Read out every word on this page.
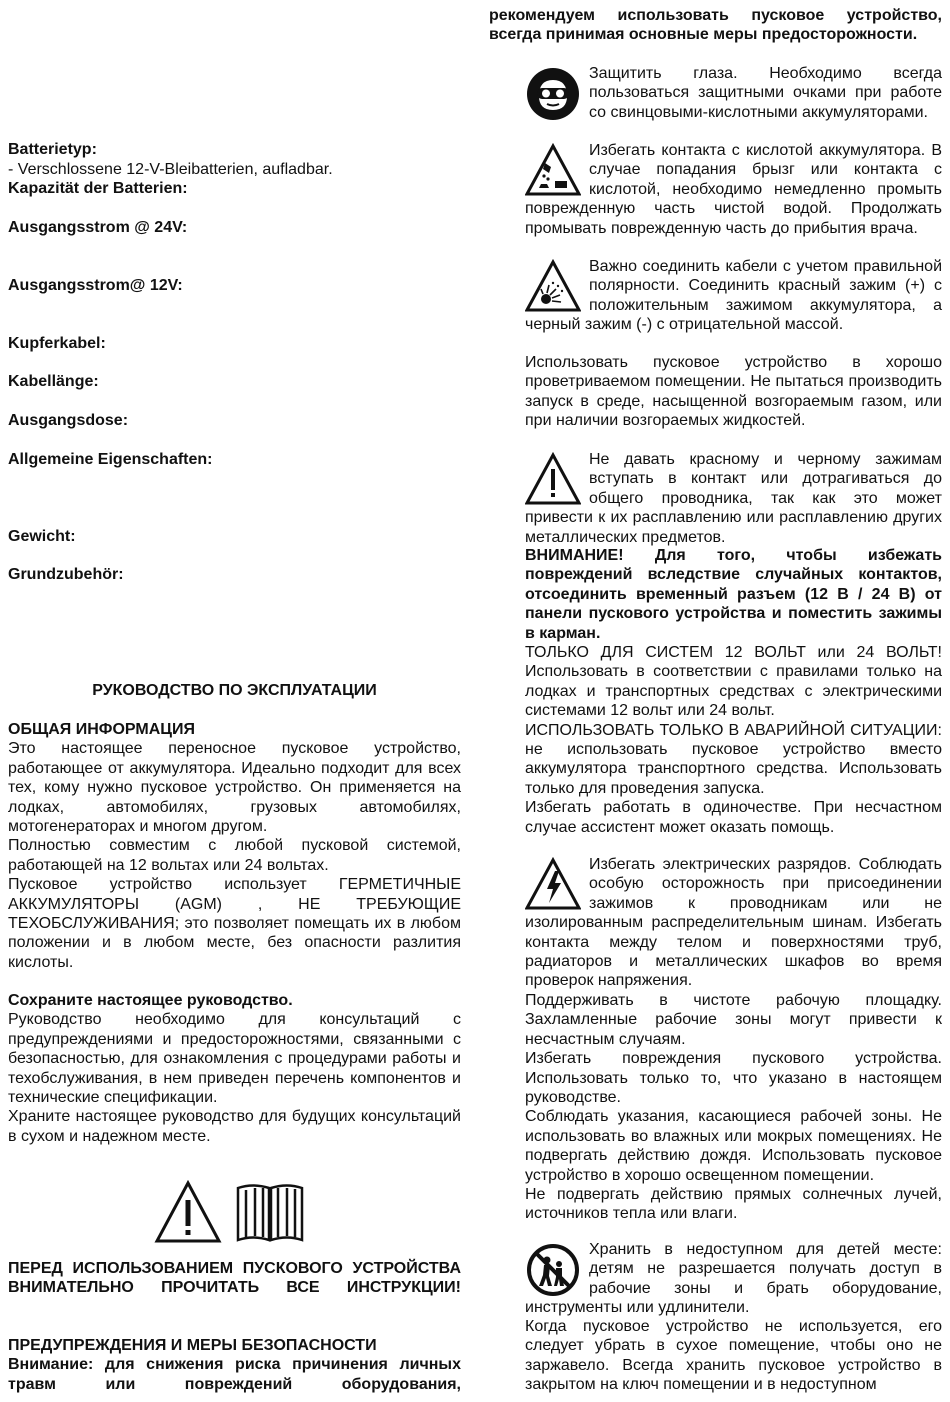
Batterietyp:
- Verschlossene 12-V-Bleibatterien, aufladbar.
Kapazität der Batterien:
Ausgangsstrom @ 24V:
Ausgangsstrom@ 12V:
Kupferkabel:
Kabellänge:
Ausgangsdose:
Allgemeine Eigenschaften:
Gewicht:
Grundzubehör:
РУКОВОДСТВО ПО ЭКСПЛУАТАЦИИ

ОБЩАЯ ИНФОРМАЦИЯ

Это настоящее переносное пусковое устройство, работающее от аккумулятора. Идеально подходит для всех тех, кому нужно пусковое устройство. Он применяется на лодках, автомобилях, грузовых автомобилях, мотогенераторах и многом другом.

Полностью совместим с любой пусковой системой, работающей на 12 вольтах или 24 вольтах.

Пусковое устройство использует ГЕРМЕТИЧНЫЕ АККУМУЛЯТОРЫ (AGM) , НЕ ТРЕБУЮЩИЕ ТЕХОБСЛУЖИВАНИЯ; это позволяет помещать их в любом положении и в любом месте, без опасности разлития кислоты.

Сохраните настоящее руководство.

Руководство необходимо для консультаций с предупреждениями и предосторожностями, связанными с безопасностью, для ознакомления с процедурами работы и техобслуживания, в нем приведен перечень компонентов и технические спецификации.

Храните настоящее руководство для будущих консультаций в сухом и надежном месте.

ПЕРЕД ИСПОЛЬЗОВАНИЕМ ПУСКОВОГО УСТРОЙСТВА ВНИМАТЕЛЬНО ПРОЧИТАТЬ ВСЕ ИНСТРУКЦИИ!

ПРЕДУПРЕЖДЕНИЯ И МЕРЫ БЕЗОПАСНОСТИ

Внимание: для снижения риска причинения личных травм или повреждений оборудования,

рекомендуем использовать пусковое устройство, всегда принимая основные меры предосторожности.

Защитить глаза. Необходимо всегда пользоваться защитными очками при работе со свинцовыми-кислотными аккумуляторами.

Избегать контакта с кислотой аккумулятора. В случае попадания брызг или контакта с кислотой, необходимо немедленно промыть поврежденную часть чистой водой. Продолжать промывать поврежденную часть до прибытия врача.

Важно соединить кабели с учетом правильной полярности. Соединить красный зажим (+) с положительным зажимом аккумулятора, а черный зажим (-) с отрицательной массой.

Использовать пусковое устройство в хорошо проветриваемом помещении. Не пытаться производить запуск в среде, насыщенной возгораемым газом, или при наличии возгораемых жидкостей.

Не давать красному и черному зажимам вступать в контакт или дотрагиваться до общего проводника, так как это может привести к их расплавлению или расплавлению других металлических предметов.

ВНИМАНИЕ! Для того, чтобы избежать повреждений вследствие случайных контактов, отсоединить временный разъем (12 В / 24 В) от панели пускового устройства и поместить зажимы в карман.

ТОЛЬКО ДЛЯ СИСТЕМ 12 ВОЛЬТ или 24 ВОЛЬТ!

Использовать в соответствии с правилами только на лодках и транспортных средствах с электрическими системами 12 вольт или 24 вольт.

ИСПОЛЬЗОВАТЬ ТОЛЬКО В АВАРИЙНОЙ СИТУАЦИИ: не использовать пусковое устройство вместо аккумулятора транспортного средства. Использовать только для проведения запуска.

Избегать работать в одиночестве. При несчастном случае ассистент может оказать помощь.

Избегать электрических разрядов. Соблюдать особую осторожность при присоединении зажимов к проводникам или не изолированным распределительным шинам. Избегать контакта между телом и поверхностями труб, радиаторов и металлических шкафов во время проверок напряжения.

Поддерживать в чистоте рабочую площадку. Захламленные рабочие зоны могут привести к несчастным случаям.

Избегать повреждения пускового устройства. Использовать только то, что указано в настоящем руководстве.

Соблюдать указания, касающиеся рабочей зоны. Не использовать во влажных или мокрых помещениях. Не подвергать действию дождя. Использовать пусковое устройство в хорошо освещенном помещении.

Не подвергать действию прямых солнечных лучей, источников тепла или влаги.

Хранить в недоступном для детей месте: детям не разрешается получать доступ в рабочие зоны и брать оборудование, инструменты или удлинители.

Когда пусковое устройство не используется, его следует убрать в сухое помещение, чтобы оно не заржавело. Всегда хранить пусковое устройство в закрытом на ключ помещении и в недоступном
